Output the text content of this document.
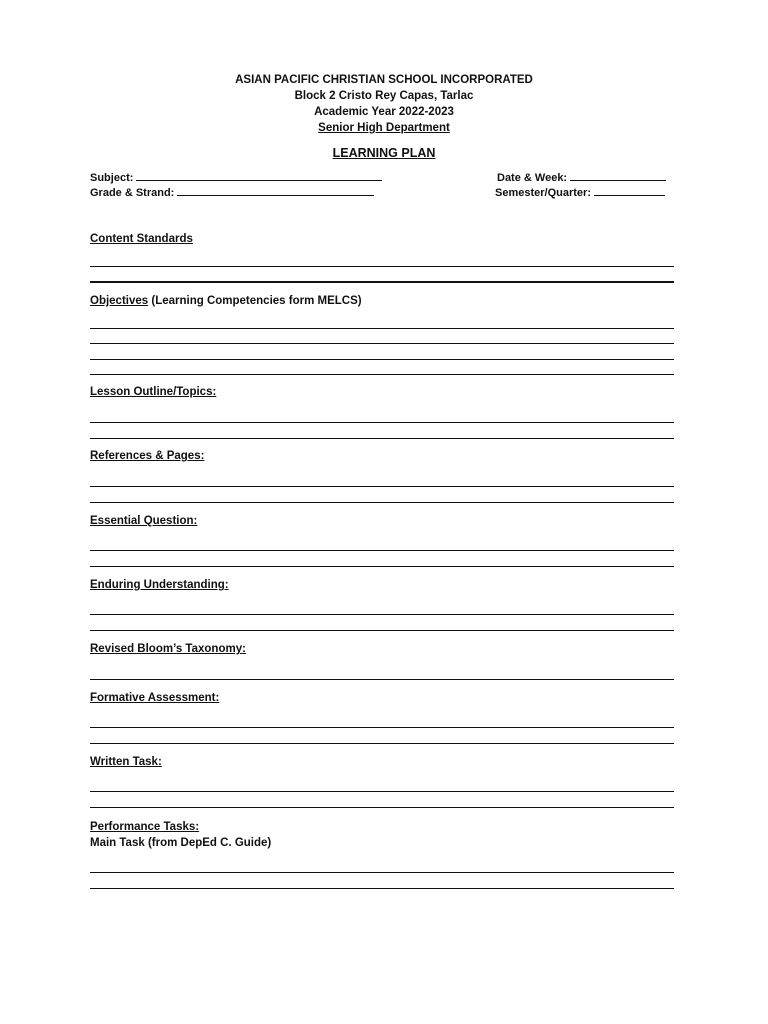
ASIAN PACIFIC CHRISTIAN SCHOOL INCORPORATED
Block 2 Cristo Rey Capas, Tarlac
Academic Year 2022-2023
Senior High Department
LEARNING PLAN
Subject:	Date & Week:
Grade & Strand:	Semester/Quarter:
Content Standards
Objectives (Learning Competencies form MELCS)
Lesson Outline/Topics:
References & Pages:
Essential Question:
Enduring Understanding:
Revised Bloom’s Taxonomy:
Formative Assessment:
Written Task:
Performance Tasks:
Main Task (from DepEd C. Guide)
